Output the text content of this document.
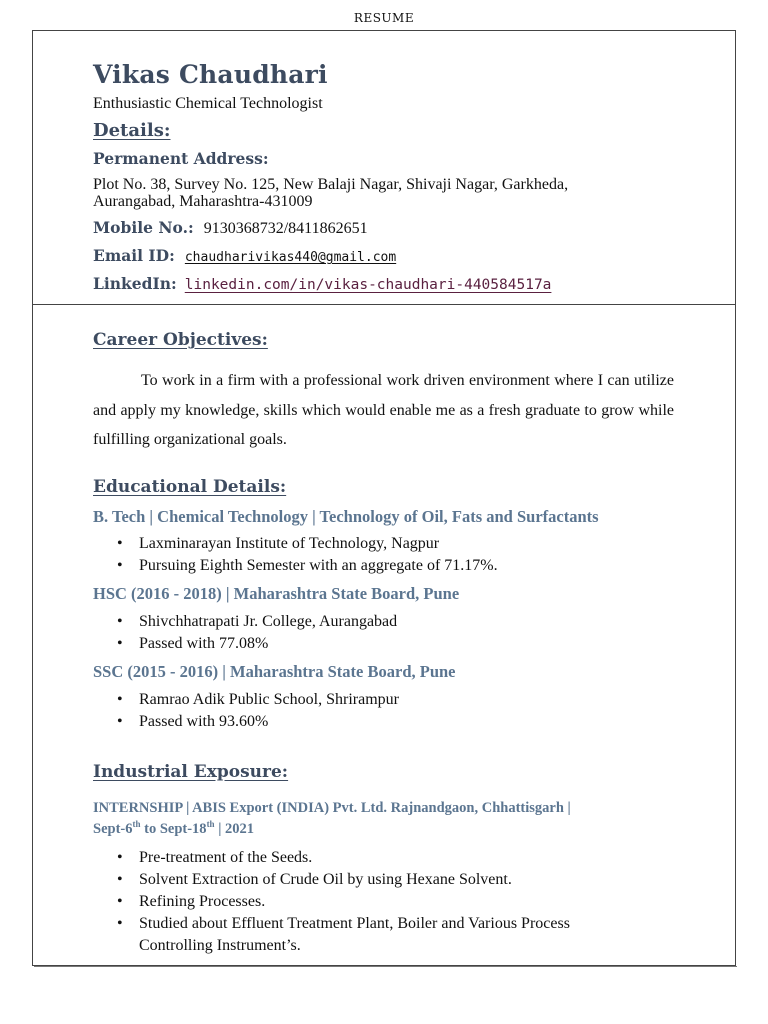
RESUME
Vikas Chaudhari
Enthusiastic Chemical Technologist
Details:
Permanent Address:
Plot No. 38, Survey No. 125, New Balaji Nagar, Shivaji Nagar, Garkheda,
Aurangabad, Maharashtra-431009
Mobile No.: 9130368732/8411862651
Email ID: chaudharivikas440@gmail.com
LinkedIn: linkedin.com/in/vikas-chaudhari-440584517a
Career Objectives:
To work in a firm with a professional work driven environment where I can utilize and apply my knowledge, skills which would enable me as a fresh graduate to grow while fulfilling organizational goals.
Educational Details:
B. Tech | Chemical Technology | Technology of Oil, Fats and Surfactants
• Laxminarayan Institute of Technology, Nagpur
• Pursuing Eighth Semester with an aggregate of 71.17%.
HSC (2016 - 2018) | Maharashtra State Board, Pune
• Shivchhatrapati Jr. College, Aurangabad
• Passed with 77.08%
SSC (2015 - 2016) | Maharashtra State Board, Pune
• Ramrao Adik Public School, Shrirampur
• Passed with 93.60%
Industrial Exposure:
INTERNSHIP | ABIS Export (INDIA) Pvt. Ltd. Rajnandgaon, Chhattisgarh |
Sept-6th to Sept-18th | 2021
• Pre-treatment of the Seeds.
• Solvent Extraction of Crude Oil by using Hexane Solvent.
• Refining Processes.
• Studied about Effluent Treatment Plant, Boiler and Various Process
Controlling Instrument’s.
